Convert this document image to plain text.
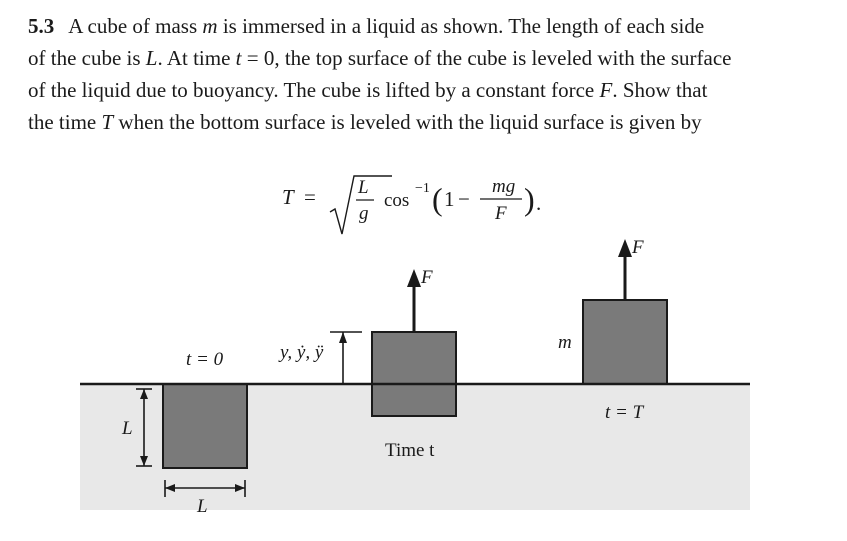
5.3 A cube of mass m is immersed in a liquid as shown. The length of each side
of the cube is L. At time t = 0, the top surface of the cube is leveled with the surface
of the liquid due to buoyancy. The cube is lifted by a constant force F. Show that
the time T when the bottom surface is leveled with the liquid surface is given by
T = L
g
cos
−1 ( 1 −
mg
F ) .
L
L
t = 0	y, ẏ, ÿ
F
Time t
F
m
t = T
